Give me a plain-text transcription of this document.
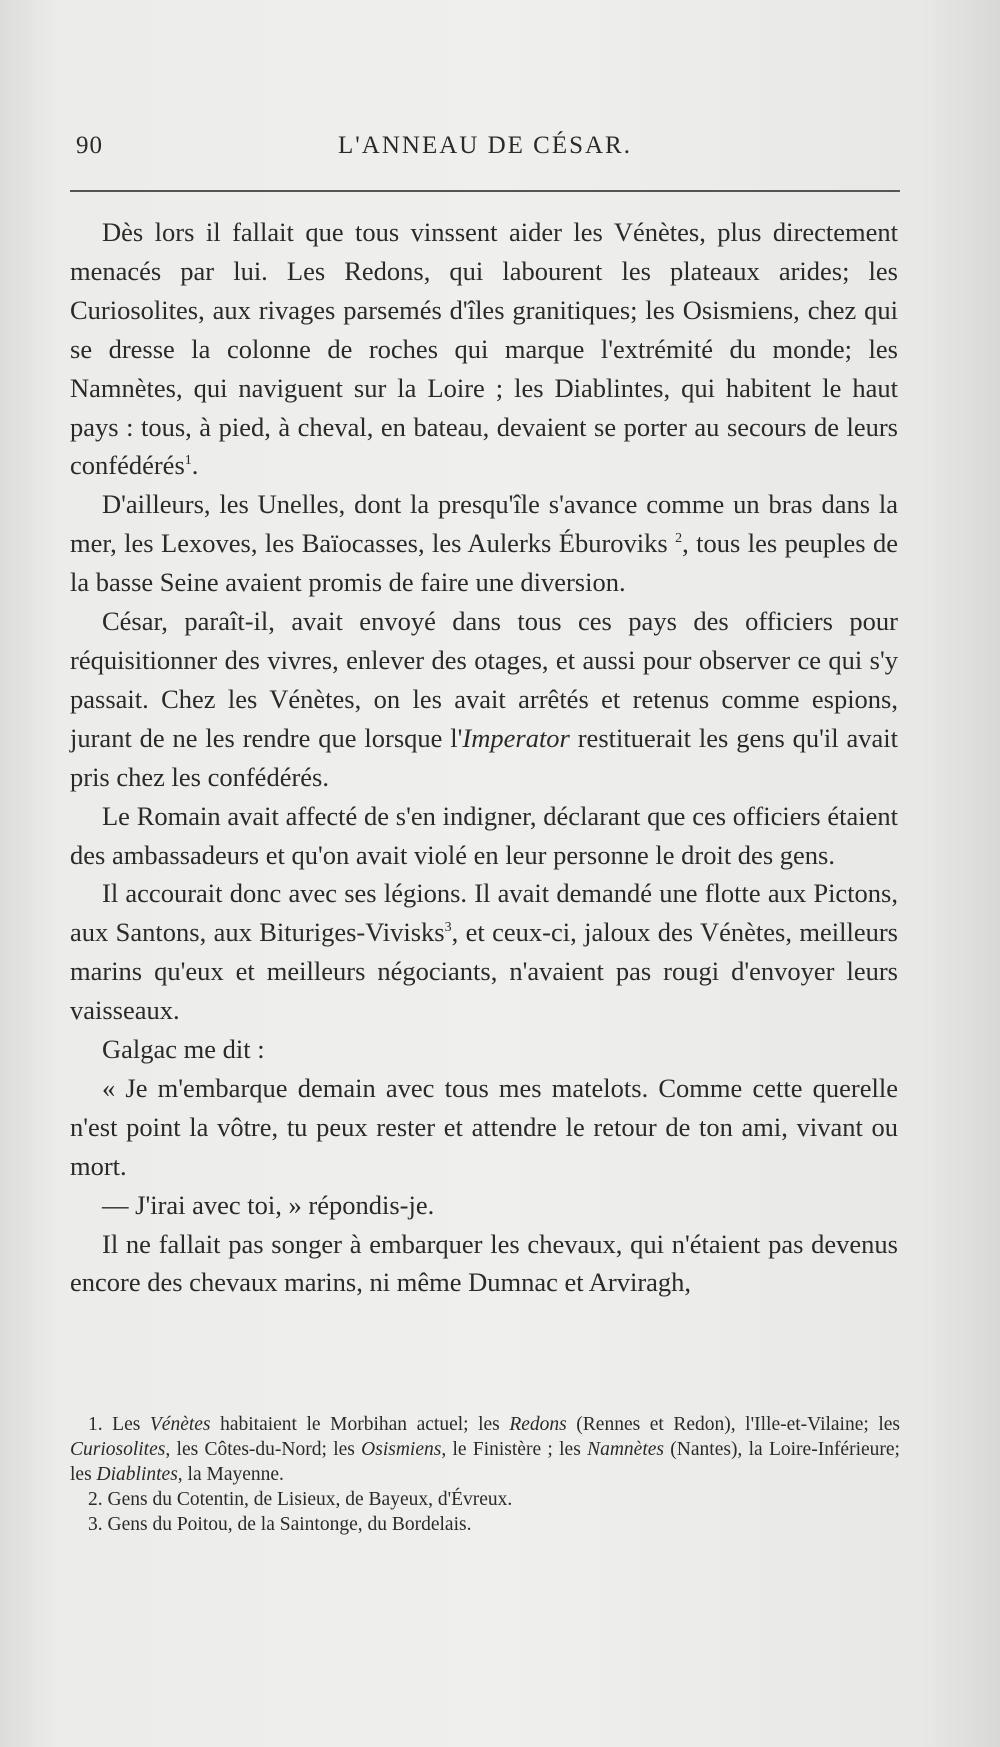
90	L'ANNEAU DE CÉSAR.

Dès lors il fallait que tous vinssent aider les Vénètes, plus directement menacés par lui. Les Redons, qui labourent les plateaux arides; les Curiosolites, aux rivages parsemés d'îles granitiques; les Osismiens, chez qui se dresse la colonne de roches qui marque l'extrémité du monde; les Namnètes, qui naviguent sur la Loire ; les Diablintes, qui habitent le haut pays : tous, à pied, à cheval, en bateau, devaient se porter au secours de leurs confédérés$^1$.

D'ailleurs, les Unelles, dont la presqu'île s'avance comme un bras dans la mer, les Lexoves, les Baïocasses, les Aulerks Éburoviks $^2$, tous les peuples de la basse Seine avaient promis de faire une diversion.

César, paraît-il, avait envoyé dans tous ces pays des officiers pour réquisitionner des vivres, enlever des otages, et aussi pour observer ce qui s'y passait. Chez les Vénètes, on les avait arrêtés et retenus comme espions, jurant de ne les rendre que lorsque l'Imperator restituerait les gens qu'il avait pris chez les confédérés.

Le Romain avait affecté de s'en indigner, déclarant que ces officiers étaient des ambassadeurs et qu'on avait violé en leur personne le droit des gens.

Il accourait donc avec ses légions. Il avait demandé une flotte aux Pictons, aux Santons, aux Bituriges-Vivisks$^3$, et ceux-ci, jaloux des Vénètes, meilleurs marins qu'eux et meilleurs négociants, n'avaient pas rougi d'envoyer leurs vaisseaux.

Galgac me dit :

« Je m'embarque demain avec tous mes matelots. Comme cette querelle n'est point la vôtre, tu peux rester et attendre le retour de ton ami, vivant ou mort.

— J'irai avec toi, » répondis-je.

Il ne fallait pas songer à embarquer les chevaux, qui n'étaient pas devenus encore des chevaux marins, ni même Dumnac et Arviragh,

1. Les Vénètes habitaient le Morbihan actuel; les Redons (Rennes et Redon), l'Ille-et-Vilaine; les Curiosolites, les Côtes-du-Nord; les Osismiens, le Finistère ; les Namnètes (Nantes), la Loire-Inférieure; les Diablintes, la Mayenne.

2. Gens du Cotentin, de Lisieux, de Bayeux, d'Évreux.

3. Gens du Poitou, de la Saintonge, du Bordelais.
